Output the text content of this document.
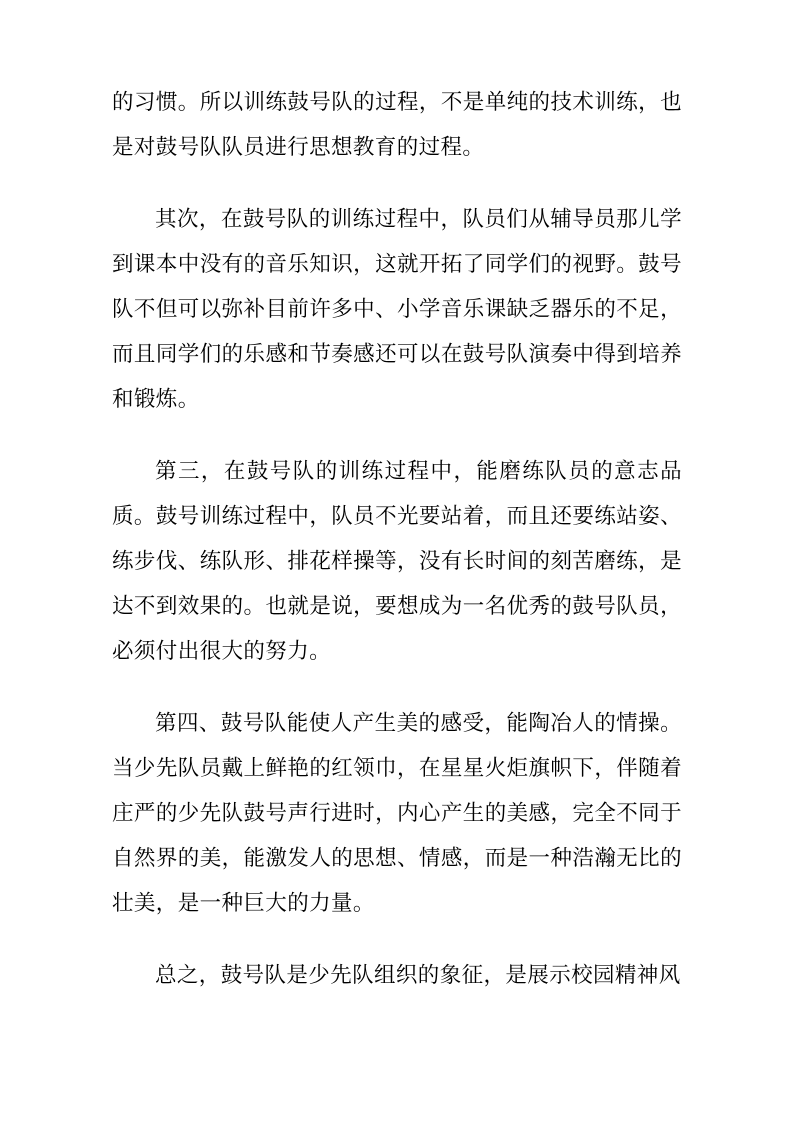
的习惯。所以训练鼓号队的过程，不是单纯的技术训练，也是对鼓号队队员进行思想教育的过程。

其次，在鼓号队的训练过程中，队员们从辅导员那儿学到课本中没有的音乐知识，这就开拓了同学们的视野。鼓号队不但可以弥补目前许多中、小学音乐课缺乏器乐的不足，而且同学们的乐感和节奏感还可以在鼓号队演奏中得到培养和锻炼。

第三，在鼓号队的训练过程中，能磨练队员的意志品质。鼓号训练过程中，队员不光要站着，而且还要练站姿、练步伐、练队形、排花样操等，没有长时间的刻苦磨练，是达不到效果的。也就是说，要想成为一名优秀的鼓号队员，必须付出很大的努力。

第四、鼓号队能使人产生美的感受，能陶冶人的情操。当少先队员戴上鲜艳的红领巾，在星星火炬旗帜下，伴随着庄严的少先队鼓号声行进时，内心产生的美感，完全不同于自然界的美，能激发人的思想、情感，而是一种浩瀚无比的壮美，是一种巨大的力量。

总之，鼓号队是少先队组织的象征，是展示校园精神风
